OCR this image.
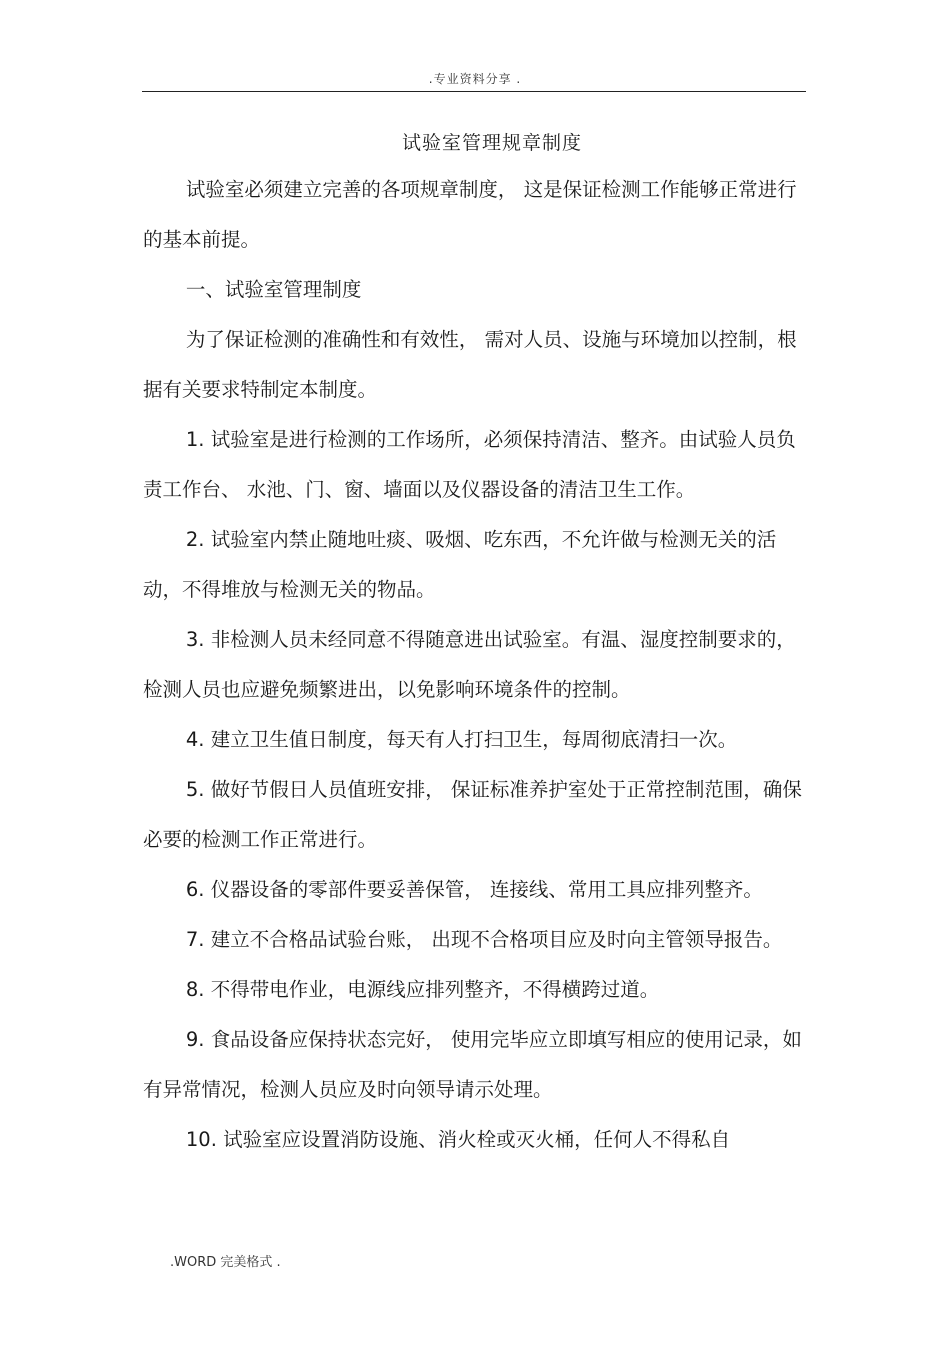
.专业资料分享 .
试验室管理规章制度

试验室必须建立完善的各项规章制度， 这是保证检测工作能够正常进行的基本前提。

一、试验室管理制度

为了保证检测的准确性和有效性， 需对人员、设施与环境加以控制，根据有关要求特制定本制度。

1. 试验室是进行检测的工作场所，必须保持清洁、整齐。由试验人员负责工作台、 水池、门、窗、墙面以及仪器设备的清洁卫生工作。

2. 试验室内禁止随地吐痰、吸烟、吃东西，不允许做与检测无关的活动，不得堆放与检测无关的物品。

3. 非检测人员未经同意不得随意进出试验室。有温、湿度控制要求的，检测人员也应避免频繁进出，以免影响环境条件的控制。

4. 建立卫生值日制度，每天有人打扫卫生，每周彻底清扫一次。

5. 做好节假日人员值班安排， 保证标准养护室处于正常控制范围，确保必要的检测工作正常进行。

6. 仪器设备的零部件要妥善保管， 连接线、常用工具应排列整齐。

7. 建立不合格品试验台账， 出现不合格项目应及时向主管领导报告。

8. 不得带电作业，电源线应排列整齐，不得横跨过道。

9. 食品设备应保持状态完好， 使用完毕应立即填写相应的使用记录，如有异常情况，检测人员应及时向领导请示处理。

10. 试验室应设置消防设施、消火栓或灭火桶，任何人不得私自

.WORD 完美格式 .
